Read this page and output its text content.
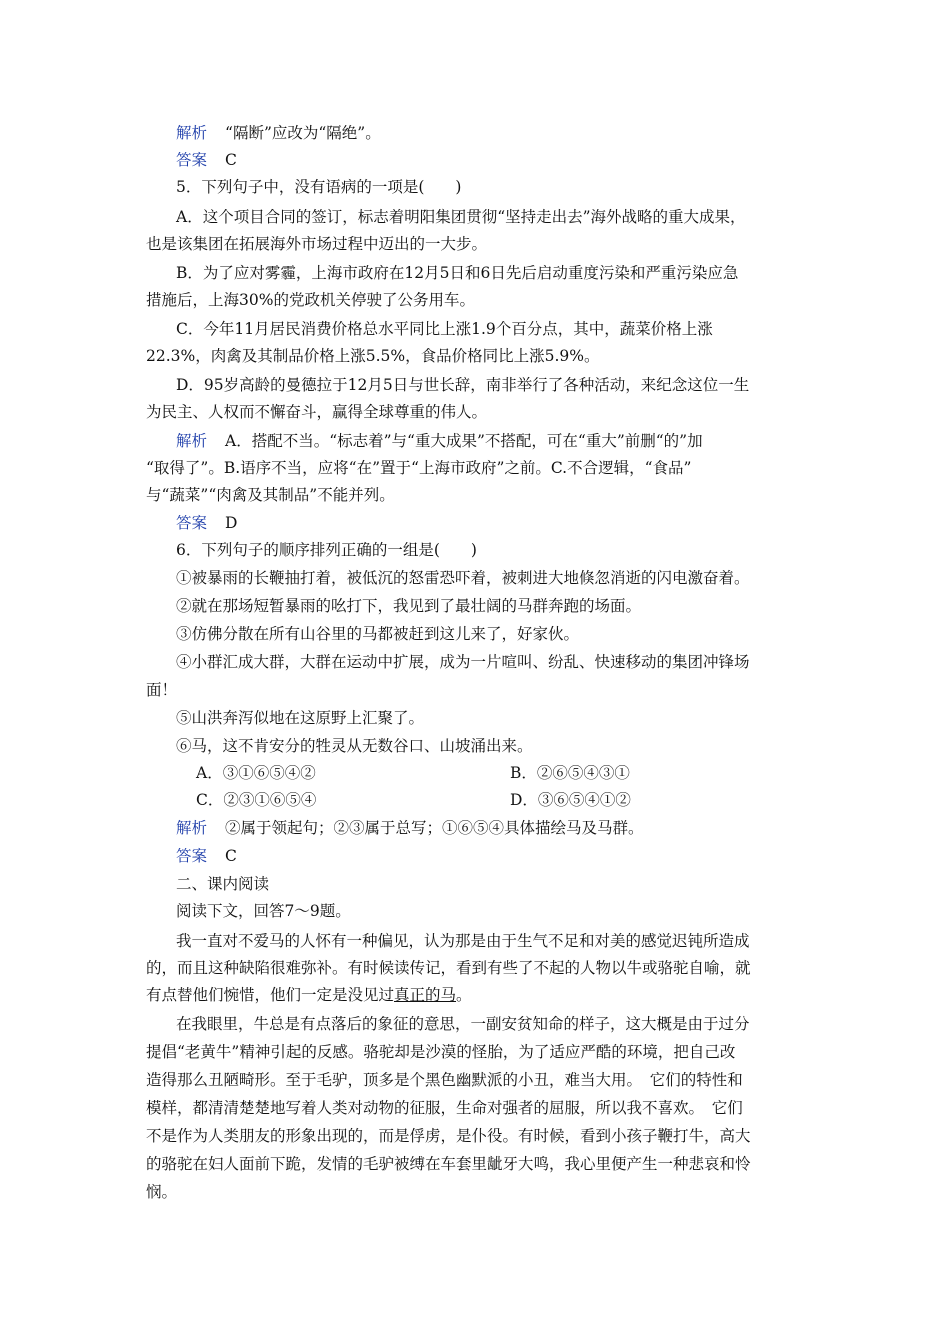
解析 “隔断”应改为“隔绝”。
答案 C
5．下列句子中，没有语病的一项是(　　)
A．这个项目合同的签订，标志着明阳集团贯彻“坚持走出去”海外战略的重大成果，
也是该集团在拓展海外市场过程中迈出的一大步。
B．为了应对雾霾，上海市政府在12月5日和6日先后启动重度污染和严重污染应急
措施后，上海30%的党政机关停驶了公务用车。
C．今年11月居民消费价格总水平同比上涨1.9个百分点，其中，蔬菜价格上涨
22.3%，肉禽及其制品价格上涨5.5%，食品价格同比上涨5.9%。
D．95岁高龄的曼德拉于12月5日与世长辞，南非举行了各种活动，来纪念这位一生
为民主、人权而不懈奋斗，赢得全球尊重的伟人。
解析 A．搭配不当。“标志着”与“重大成果”不搭配，可在“重大”前删“的”加
“取得了”。B.语序不当，应将“在”置于“上海市政府”之前。C.不合逻辑，“食品”
与“蔬菜”“肉禽及其制品”不能并列。
答案 D
6．下列句子的顺序排列正确的一组是(　　)
①被暴雨的长鞭抽打着，被低沉的怒雷恐吓着，被刺进大地倏忽消逝的闪电激奋着。
②就在那场短暂暴雨的吆打下，我见到了最壮阔的马群奔跑的场面。
③仿佛分散在所有山谷里的马都被赶到这儿来了，好家伙。
④小群汇成大群，大群在运动中扩展，成为一片喧叫、纷乱、快速移动的集团冲锋场
面！
⑤山洪奔泻似地在这原野上汇聚了。
⑥马，这不肯安分的牲灵从无数谷口、山坡涌出来。
A．③①⑥⑤④②	B．②⑥⑤④③①
C．②③①⑥⑤④	D．③⑥⑤④①②
解析 ②属于领起句；②③属于总写；①⑥⑤④具体描绘马及马群。
答案 C
二、课内阅读
阅读下文，回答7～9题。
我一直对不爱马的人怀有一种偏见，认为那是由于生气不足和对美的感觉迟钝所造成
的，而且这种缺陷很难弥补。有时候读传记，看到有些了不起的人物以牛或骆驼自喻，就
有点替他们惋惜，他们一定是没见过真正的马。
在我眼里，牛总是有点落后的象征的意思，一副安贫知命的样子，这大概是由于过分
提倡“老黄牛”精神引起的反感。骆驼却是沙漠的怪胎，为了适应严酷的环境，把自己改
造得那么丑陋畸形。至于毛驴，顶多是个黑色幽默派的小丑，难当大用。　它们的特性和
模样，都清清楚楚地写着人类对动物的征服，生命对强者的屈服，所以我不喜欢。　它们
不是作为人类朋友的形象出现的，而是俘虏，是仆役。有时候，看到小孩子鞭打牛，高大
的骆驼在妇人面前下跪，发情的毛驴被缚在车套里龇牙大鸣，我心里便产生一种悲哀和怜
悯。
